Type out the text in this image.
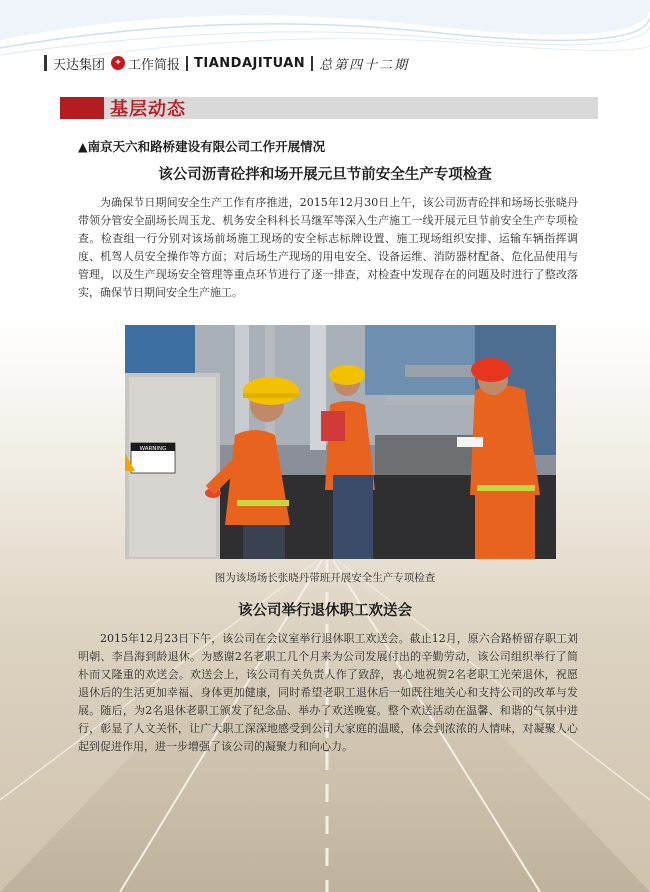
天达集团	✦ 工作简报 TIANDAJITUAN 总第四十二期
基层动态
▲南京天六和路桥建设有限公司工作开展情况
该公司沥青砼拌和场开展元旦节前安全生产专项检查
为确保节日期间安全生产工作有序推进，2015年12月30日上午，该公司沥青砼拌和场场长张晓丹带领分管安全副场长周玉龙、机务安全科科长马继军等深入生产施工一线开展元旦节前安全生产专项检查。检查组一行分别对该场前场施工现场的安全标志标牌设置、施工现场组织安排、运输车辆指挥调度、机驾人员安全操作等方面；对后场生产现场的用电安全、设备运维、消防器材配备、危化品使用与管理，以及生产现场安全管理等重点环节进行了逐一排查，对检查中发现存在的问题及时进行了整改落实，确保节日期间安全生产施工。
WARNING
图为该场场长张晓丹带班开展安全生产专项检查
该公司举行退休职工欢送会
2015年12月23日下午，该公司在会议室举行退休职工欢送会。截止12月，原六合路桥留存职工刘明朝、李昌海到龄退休。为感谢2名老职工几个月来为公司发展付出的辛勤劳动，该公司组织举行了简朴而又隆重的欢送会。欢送会上，该公司有关负责人作了致辞，衷心地祝贺2名老职工光荣退休，祝愿退休后的生活更加幸福、身体更加健康，同时希望老职工退休后一如既往地关心和支持公司的改革与发展。随后，为2名退休老职工颁发了纪念品、举办了欢送晚宴。整个欢送活动在温馨、和谐的气氛中进行，彰显了人文关怀，让广大职工深深地感受到公司大家庭的温暖，体会到浓浓的人情味，对凝聚人心起到促进作用，进一步增强了该公司的凝聚力和向心力。
